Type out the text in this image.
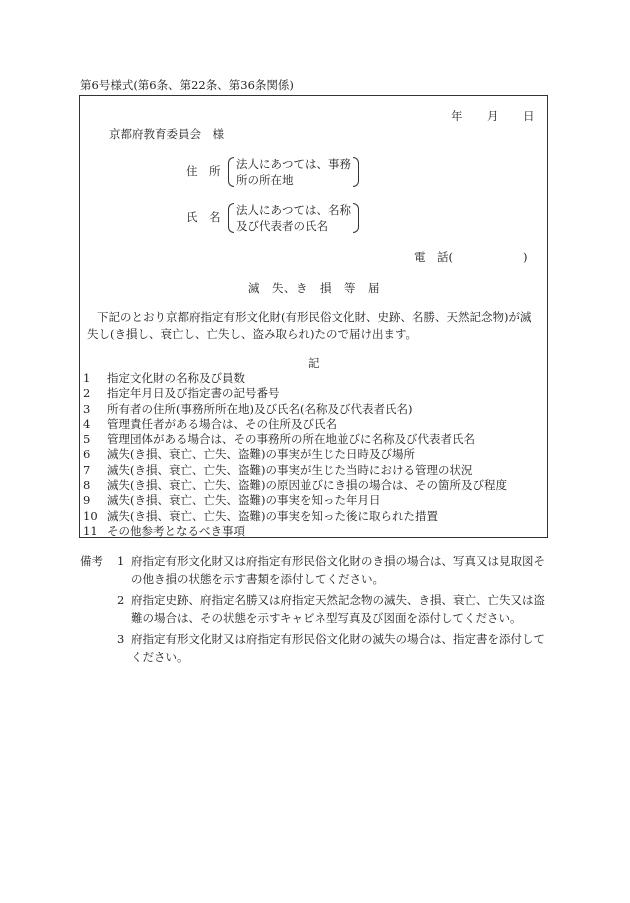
第6号様式(第6条、第22条、第36条関係)
年 月 日
京都府教育委員会　様
住　所 法人にあつては、事務
所の所在地
氏　名 法人にあつては、名称
及び代表者の氏名
電　話(	)
滅　失、き　損　等　届
下記のとおり京都府指定有形文化財(有形民俗文化財、史跡、名勝、天然記念物)が滅失し(き損し、衰亡し、亡失し、盗み取られ)たので届け出ます。
記
1 指定文化財の名称及び員数
2 指定年月日及び指定書の記号番号
3 所有者の住所(事務所所在地)及び氏名(名称及び代表者氏名)
4 管理責任者がある場合は、その住所及び氏名
5 管理団体がある場合は、その事務所の所在地並びに名称及び代表者氏名
6 滅失(き損、衰亡、亡失、盗難)の事実が生じた日時及び場所
7 滅失(き損、衰亡、亡失、盗難)の事実が生じた当時における管理の状況
8 滅失(き損、衰亡、亡失、盗難)の原因並びにき損の場合は、その箇所及び程度
9 滅失(き損、衰亡、亡失、盗難)の事実を知った年月日
10 滅失(き損、衰亡、亡失、盗難)の事実を知った後に取られた措置
11 その他参考となるべき事項
備考 1 府指定有形文化財又は府指定有形民俗文化財のき損の場合は、写真又は見取図そ
の他き損の状態を示す書類を添付してください。
2 府指定史跡、府指定名勝又は府指定天然記念物の滅失、き損、衰亡、亡失又は盗
難の場合は、その状態を示すキャビネ型写真及び図面を添付してください。
3 府指定有形文化財又は府指定有形民俗文化財の滅失の場合は、指定書を添付して
ください。
